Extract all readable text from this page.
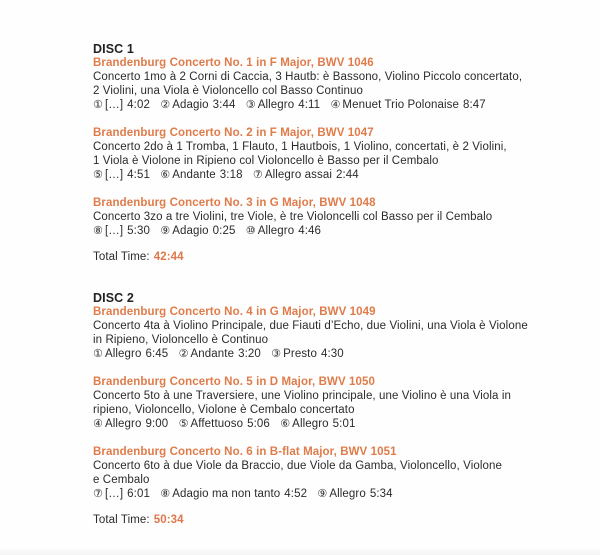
DISC 1
Brandenburg Concerto No. 1 in F Major, BWV 1046
Concerto 1mo à 2 Corni di Caccia, 3 Hautb: è Bassono, Violino Piccolo concertato,
2 Violini, una Viola è Violoncello col Basso Continuo
① […] 4:02 ② Adagio 3:44 ③ Allegro 4:11 ④ Menuet Trio Polonaise 8:47
Brandenburg Concerto No. 2 in F Major, BWV 1047
Concerto 2do à 1 Tromba, 1 Flauto, 1 Hautbois, 1 Violino, concertati, è 2 Violini,
1 Viola è Violone in Ripieno col Violoncello è Basso per il Cembalo
⑤ […] 4:51 ⑥ Andante 3:18 ⑦ Allegro assai 2:44
Brandenburg Concerto No. 3 in G Major, BWV 1048
Concerto 3zo a tre Violini, tre Viole, è tre Violoncelli col Basso per il Cembalo
⑧ […] 5:30 ⑨ Adagio 0:25 ⑩ Allegro 4:46
Total Time: 42:44
DISC 2
Brandenburg Concerto No. 4 in G Major, BWV 1049
Concerto 4ta à Violino Principale, due Fiauti d’Echo, due Violini, una Viola è Violone
in Ripieno, Violoncello è Continuo
① Allegro 6:45 ② Andante 3:20 ③ Presto 4:30
Brandenburg Concerto No. 5 in D Major, BWV 1050
Concerto 5to à une Traversiere, une Violino principale, une Violino è una Viola in
ripieno, Violoncello, Violone è Cembalo concertato
④ Allegro 9:00 ⑤ Affettuoso 5:06 ⑥ Allegro 5:01
Brandenburg Concerto No. 6 in B-flat Major, BWV 1051
Concerto 6to à due Viole da Braccio, due Viole da Gamba, Violoncello, Violone
e Cembalo
⑦ […] 6:01 ⑧ Adagio ma non tanto 4:52 ⑨ Allegro 5:34
Total Time: 50:34
